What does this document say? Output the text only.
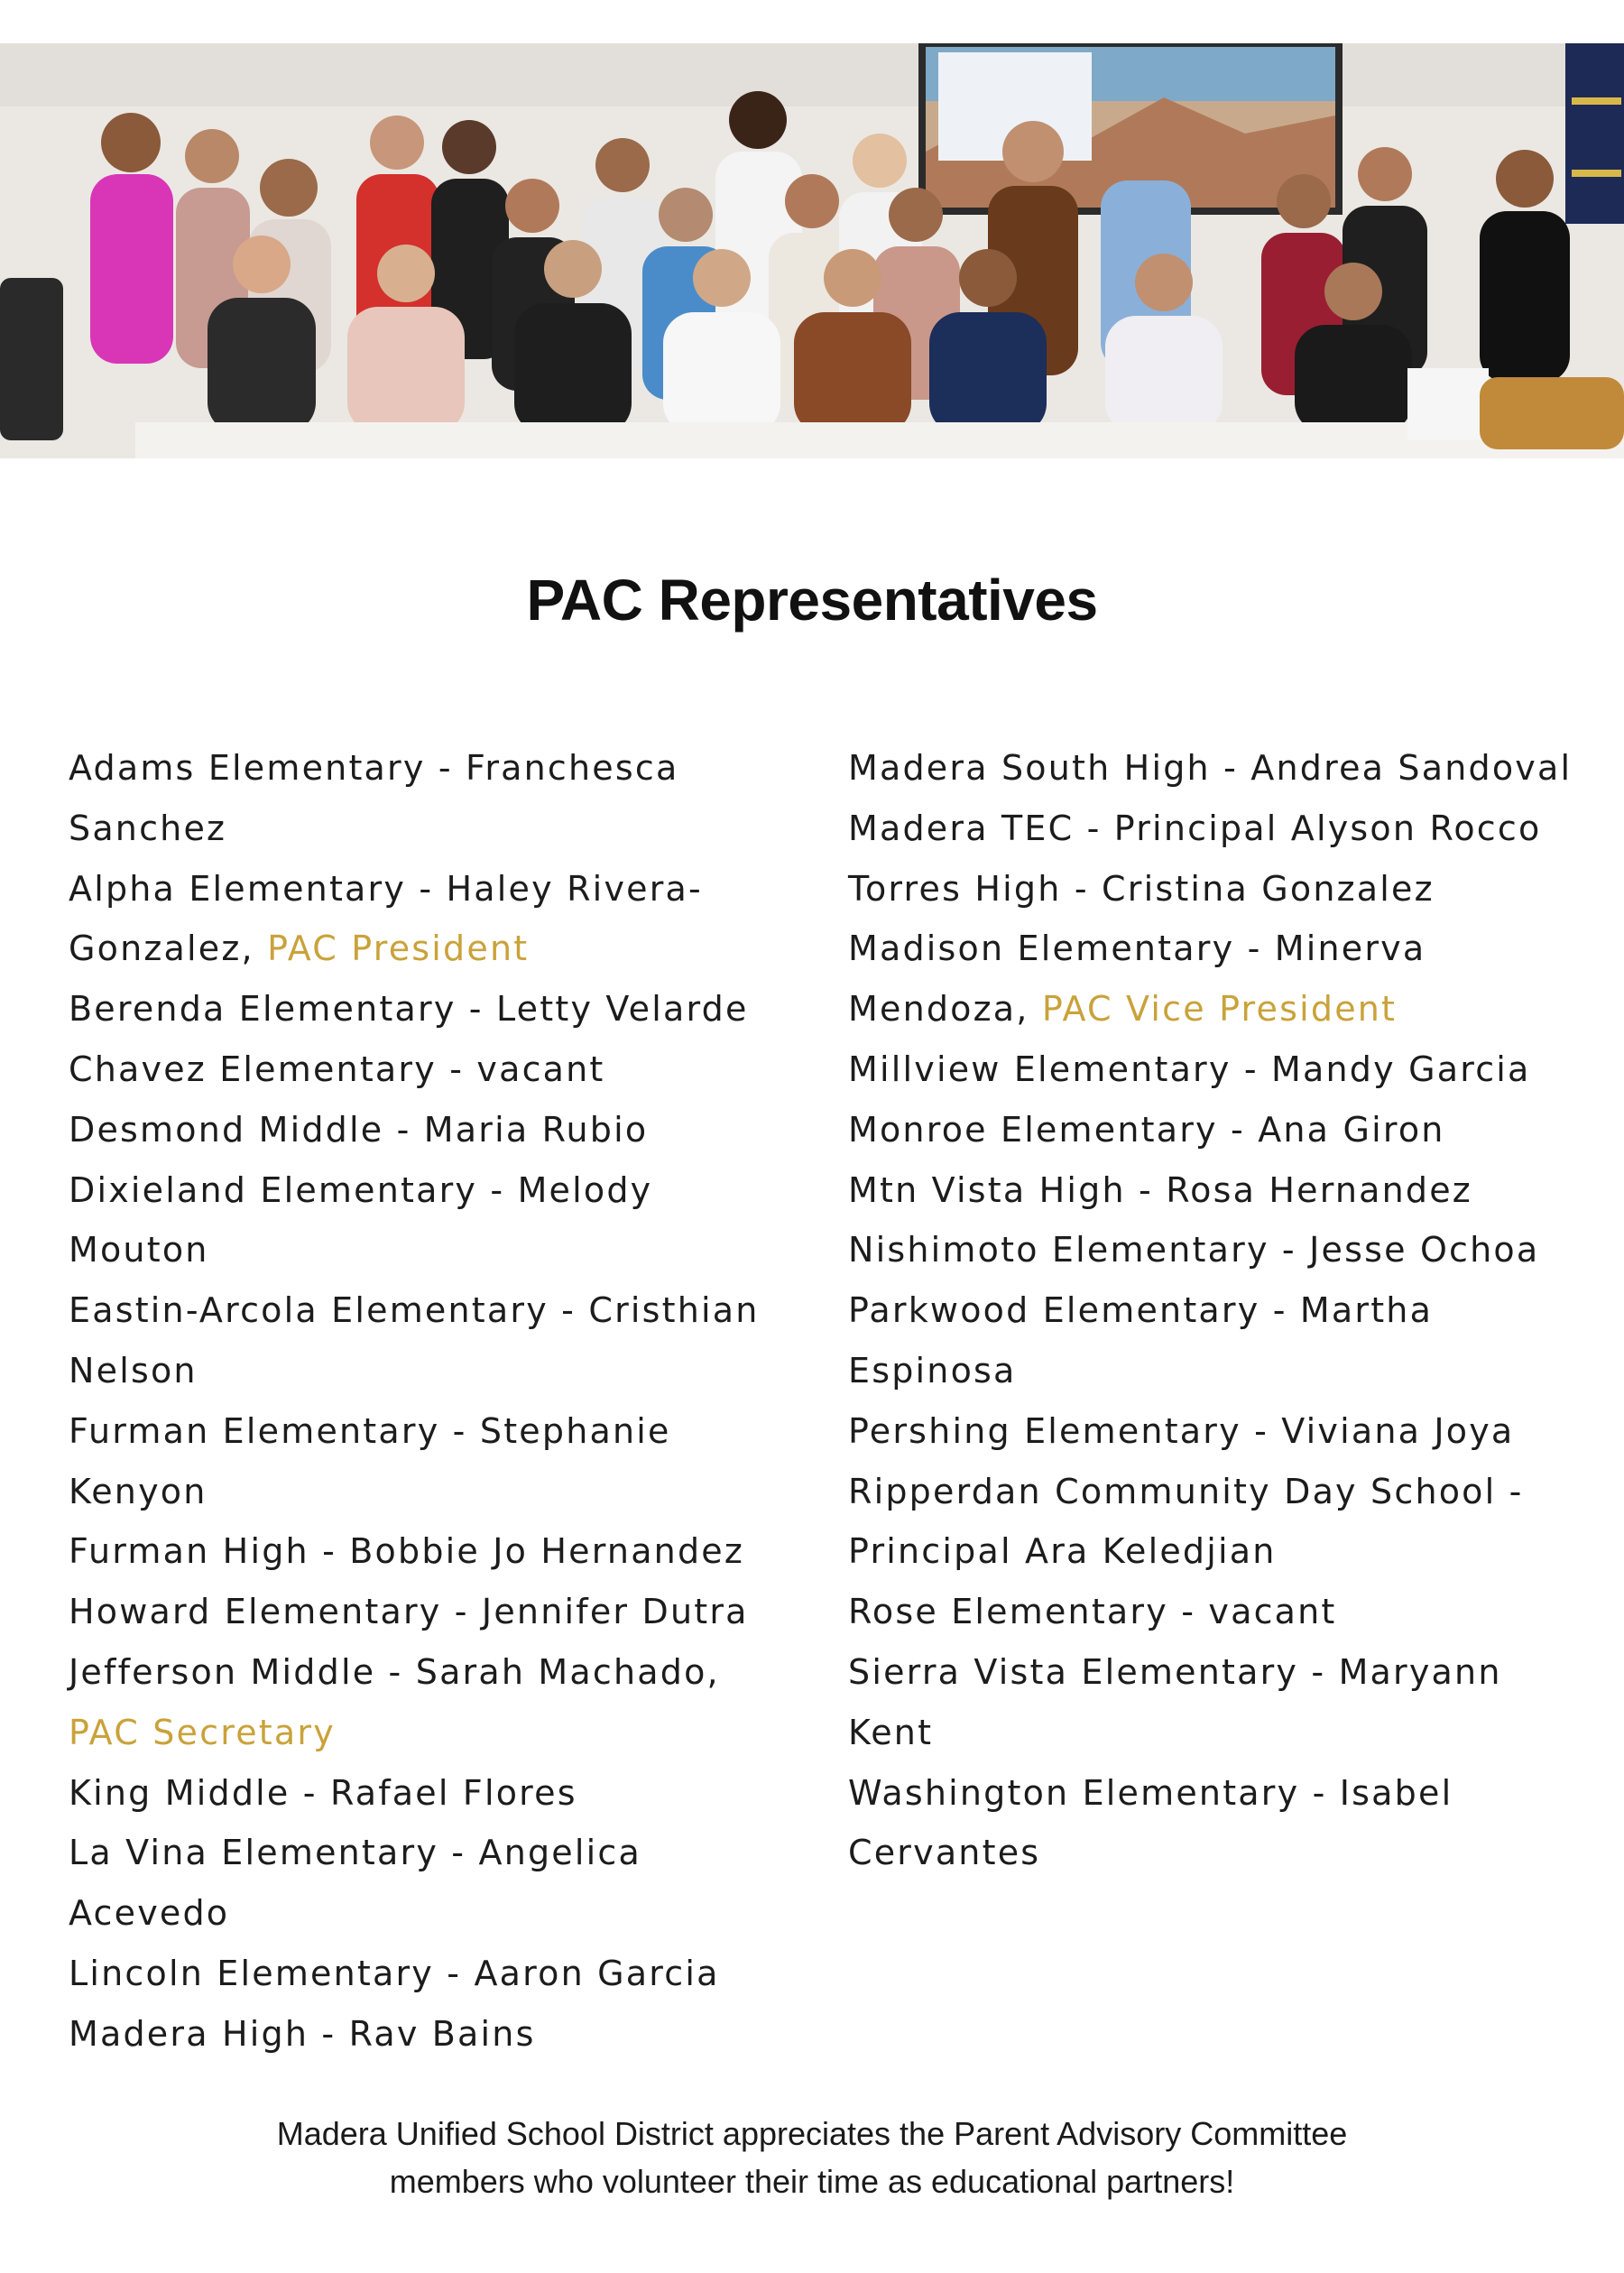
PAC Representatives
Adams Elementary - Franchesca Sanchez
Alpha Elementary - Haley Rivera-Gonzalez, PAC President
Berenda Elementary - Letty Velarde
Chavez Elementary - vacant
Desmond Middle - Maria Rubio
Dixieland Elementary - Melody Mouton
Eastin-Arcola Elementary - Cristhian Nelson
Furman Elementary - Stephanie Kenyon
Furman High - Bobbie Jo Hernandez
Howard Elementary - Jennifer Dutra
Jefferson Middle - Sarah Machado, PAC Secretary
King Middle - Rafael Flores
La Vina Elementary - Angelica Acevedo
Lincoln Elementary - Aaron Garcia
Madera High - Rav Bains
Madera South High - Andrea Sandoval
Madera TEC - Principal Alyson Rocco
Torres High - Cristina Gonzalez
Madison Elementary - Minerva Mendoza, PAC Vice President
Millview Elementary - Mandy Garcia
Monroe Elementary - Ana Giron
Mtn Vista High - Rosa Hernandez
Nishimoto Elementary - Jesse Ochoa
Parkwood Elementary - Martha Espinosa
Pershing Elementary - Viviana Joya
Ripperdan Community Day School - Principal Ara Keledjian
Rose Elementary - vacant
Sierra Vista Elementary - Maryann Kent
Washington Elementary - Isabel Cervantes
Madera Unified School District appreciates the Parent Advisory Committee
members who volunteer their time as educational partners!
